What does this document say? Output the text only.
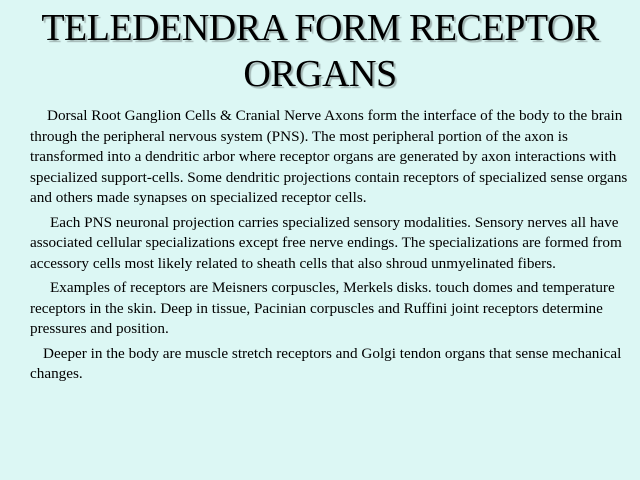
TELEDENDRA FORM RECEPTOR
ORGANS

Dorsal Root Ganglion Cells & Cranial Nerve Axons form the interface of the body to the brain through the peripheral nervous system (PNS). The most peripheral portion of the axon is transformed into a dendritic arbor where receptor organs are generated by axon interactions with specialized support-cells. Some dendritic projections contain receptors of specialized sense organs and others made synapses on specialized receptor cells.

Each PNS neuronal projection carries specialized sensory modalities. Sensory nerves all have associated cellular specializations except free nerve endings. The specializations are formed from accessory cells most likely related to sheath cells that also shroud unmyelinated fibers.

Examples of receptors are Meisners corpuscles, Merkels disks. touch domes and temperature receptors in the skin. Deep in tissue, Pacinian corpuscles and Ruffini joint receptors determine pressures and position.

Deeper in the body are muscle stretch receptors and Golgi tendon organs that sense mechanical changes.
